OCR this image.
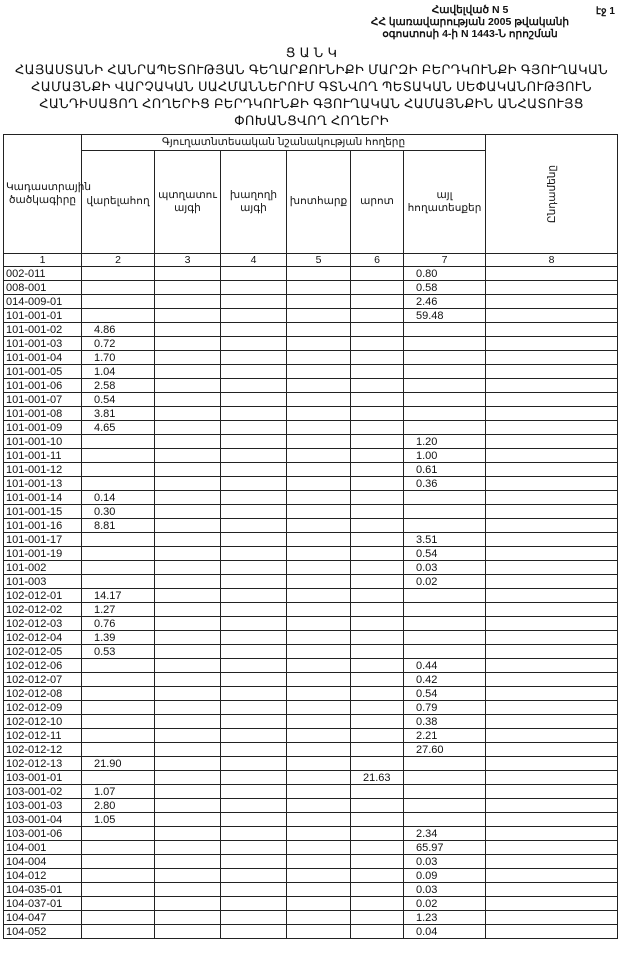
Հավելված N 5
ՀՀ կառավարության 2005 թվականի
օգոստոսի 4-ի N 1443-Ն որոշման
էջ 1
Ց Ա Ն Կ
ՀԱՅԱՍՏԱՆԻ ՀԱՆՐԱՊԵՏՈՒԹՅԱՆ ԳԵՂԱՐՔՈՒՆԻՔԻ ՄԱՐԶԻ ԲԵՐԴԿՈՒՆՔԻ ԳՅՈՒՂԱԿԱՆ
ՀԱՄԱՅՆՔԻ ՎԱՐՉԱԿԱՆ ՍԱՀՄԱՆՆԵՐՈՒՄ ԳՏՆՎՈՂ ՊԵՏԱԿԱՆ ՍԵՓԱԿԱՆՈՒԹՅՈՒՆ
ՀԱՆԴԻՍԱՑՈՂ ՀՈՂԵՐԻՑ ԲԵՐԴԿՈՒՆՔԻ ԳՅՈՒՂԱԿԱՆ ՀԱՄԱՅՆՔԻՆ ԱՆՀԱՏՈՒՅՑ
ՓՈԽԱՆՑՎՈՂ ՀՈՂԵՐԻ
Կադաստրային ծածկագիրը	Գյուղատնտեսական նշանակության հողերը						Ընդամենը

	վարելահող	պտղատու այգի	խաղողի այգի	խոտհարք	արոտ	այլ հողատեսքեր	
1	2	3	4	5	6	7	8
002-011						0.80	
008-001						0.58	
014-009-01						2.46	
101-001-01						59.48	
101-001-02	4.86						
101-001-03	0.72						
101-001-04	1.70						
101-001-05	1.04						
101-001-06	2.58						
101-001-07	0.54						
101-001-08	3.81						
101-001-09	4.65						
101-001-10						1.20	
101-001-11						1.00	
101-001-12						0.61	
101-001-13						0.36	
101-001-14	0.14						
101-001-15	0.30						
101-001-16	8.81						
101-001-17						3.51	
101-001-19						0.54	
101-002						0.03	
101-003						0.02	
102-012-01	14.17						
102-012-02	1.27						
102-012-03	0.76						
102-012-04	1.39						
102-012-05	0.53						
102-012-06						0.44	
102-012-07						0.42	
102-012-08						0.54	
102-012-09						0.79	
102-012-10						0.38	
102-012-11						2.21	
102-012-12						27.60	
102-012-13	21.90						
103-001-01					21.63		
103-001-02	1.07						
103-001-03	2.80						
103-001-04	1.05						
103-001-06						2.34	
104-001						65.97	
104-004						0.03	
104-012						0.09	
104-035-01						0.03	
104-037-01						0.02	
104-047						1.23	
104-052						0.04	
